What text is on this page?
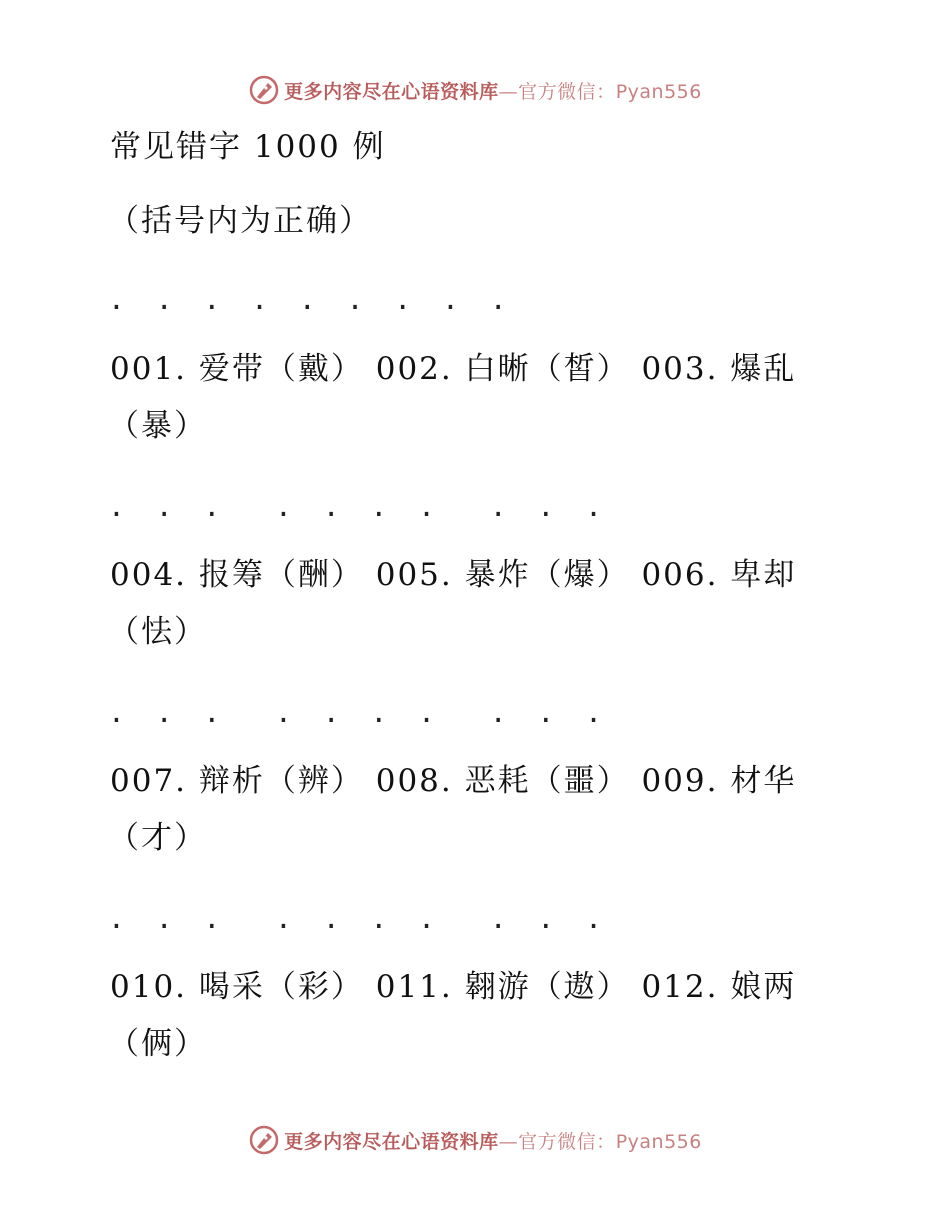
更多内容尽在心语资料库—官方微信：Pyan556
常见错字 1000 例
（括号内为正确）
. . . . . . . . .
001. 爱带（戴） 002. 白晰（皙） 003. 爆乱
（暴）
. . .  . . . .  . . .
004. 报筹（酬） 005. 暴炸（爆） 006. 卑却
（怯）
. . .  . . . .  . . .
007. 辩析（辨） 008. 恶耗（噩） 009. 材华
（才）
. . .  . . . .  . . .
010. 喝采（彩） 011. 翱游（遨） 012. 娘两
（俩）
更多内容尽在心语资料库—官方微信：Pyan556
